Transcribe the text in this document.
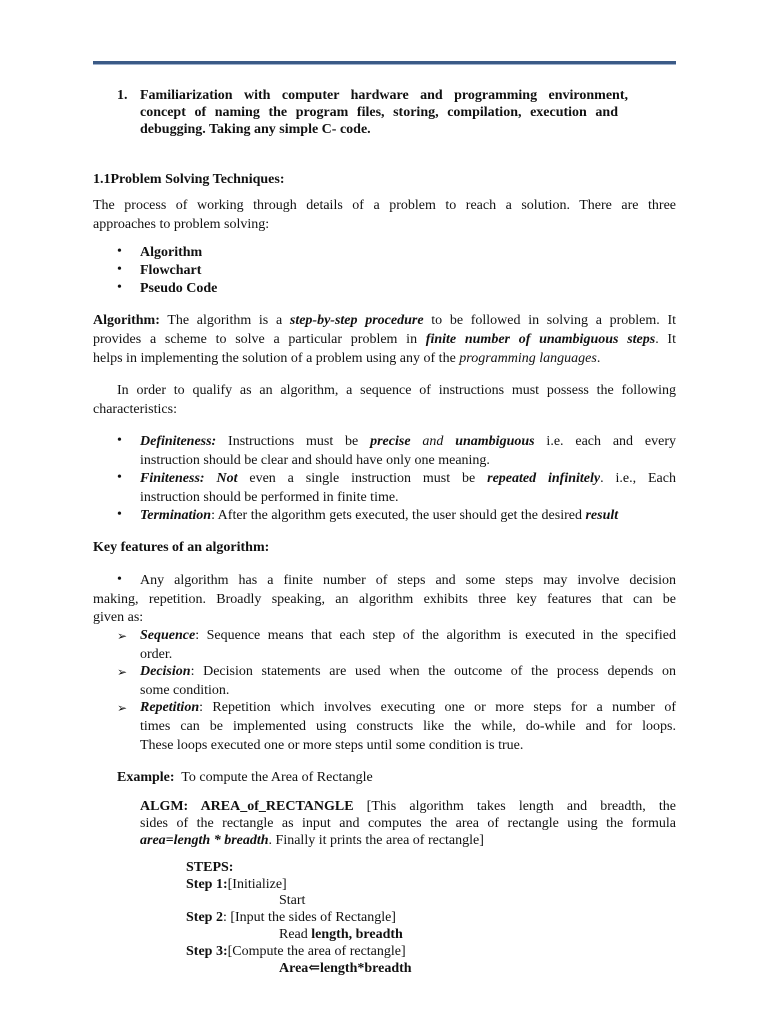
1. Familiarization with computer hardware and programming environment,
concept of naming the program files, storing, compilation, execution and
debugging. Taking any simple C- code.
1.1Problem Solving Techniques:
The process of working through details of a problem to reach a solution. There are three
approaches to problem solving:
• Algorithm
• Flowchart
• Pseudo Code
Algorithm: The algorithm is a step-by-step procedure to be followed in solving a problem. It
provides a scheme to solve a particular problem in finite number of unambiguous steps. It
helps in implementing the solution of a problem using any of the programming languages.
In order to qualify as an algorithm, a sequence of instructions must possess the following
characteristics:
• Definiteness: Instructions must be precise and unambiguous i.e. each and every
instruction should be clear and should have only one meaning.
• Finiteness: Not even a single instruction must be repeated infinitely. i.e., Each
instruction should be performed in finite time.
• Termination: After the algorithm gets executed, the user should get the desired result
Key features of an algorithm:
• Any algorithm has a finite number of steps and some steps may involve decision
making, repetition. Broadly speaking, an algorithm exhibits three key features that can be
given as:
➢ Sequence: Sequence means that each step of the algorithm is executed in the specified
order.
➢ Decision: Decision statements are used when the outcome of the process depends on
some condition.
➢ Repetition: Repetition which involves executing one or more steps for a number of
times can be implemented using constructs like the while, do-while and for loops.
These loops executed one or more steps until some condition is true.
Example:  To compute the Area of Rectangle
ALGM: AREA_of_RECTANGLE [This algorithm takes length and breadth, the
sides of the rectangle as input and computes the area of rectangle using the formula
area=length * breadth. Finally it prints the area of rectangle]
STEPS:
Step 1:[Initialize]
Start
Step 2: [Input the sides of Rectangle]
Read length, breadth
Step 3:[Compute the area of rectangle]
Area⇐length*breadth
